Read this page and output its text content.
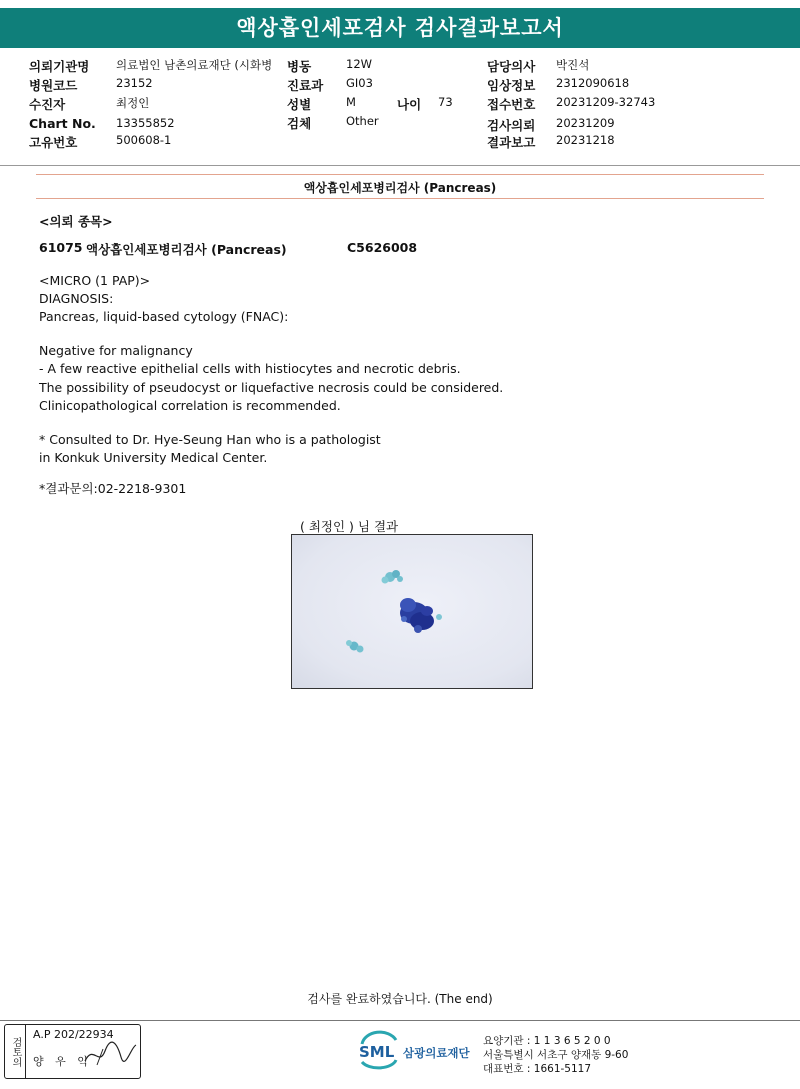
액상흡인세포검사 검사결과보고서
의뢰기관명 의료법인 남촌의료재단 (시화병
병원코드	23152
수진자	최정인
Chart No. 13355852
고유번호	500608-1
병동	12W
진료과 GI03
성별	M	나이 73
검체	Other
담당의사 박진석
임상정보 2312090618
접수번호 20231209-32743
검사의뢰 20231209
결과보고 20231218
액상흡인세포병리검사 (Pancreas)
<의뢰 종목>
61075 액상흡인세포병리검사 (Pancreas)	C5626008
<MICRO (1 PAP)>
DIAGNOSIS:
Pancreas, liquid-based cytology (FNAC):
Negative for malignancy
- A few reactive epithelial cells with histiocytes and necrotic debris.
The possibility of pseudocyst or liquefactive necrosis could be considered.
Clinicopathological correlation is recommended.
* Consulted to Dr. Hye-Seung Han who is a pathologist
in Konkuk University Medical Center.
*결과문의:02-2218-9301
( 최정인 ) 님 결과
검사를 완료하였습니다. (The end)
검토의
A.P 202/22934
양 우 익
SML 삼광의료재단
요양기관 : 1 1 3 6 5 2 0 0
서울특별시 서초구 양재동 9-60
대표번호 : 1661-5117
